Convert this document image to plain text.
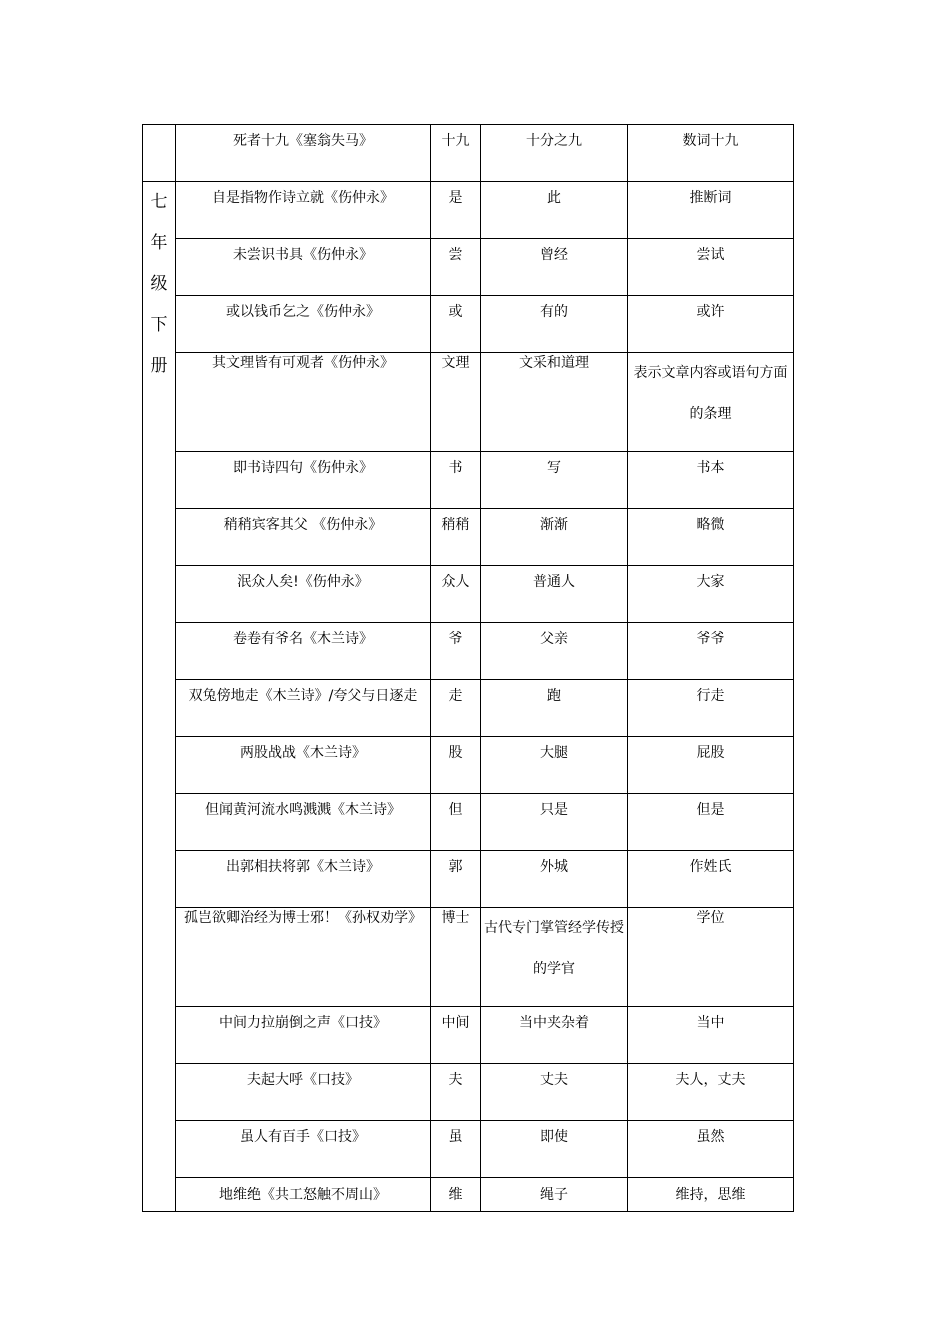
	死者十九《塞翁失马》	十九	十分之九	数词十九
七年级下册	自是指物作诗立就《伤仲永》	是	此	推断词
	未尝识书具《伤仲永》	尝	曾经	尝试
	或以钱币乞之《伤仲永》	或	有的	或许
	其文理皆有可观者《伤仲永》	文理	文采和道理	表示文章内容或语句方面的条理
	即书诗四句《伤仲永》	书	写	书本
	稍稍宾客其父 《伤仲永》	稍稍	渐渐	略微
	泯众人矣!《伤仲永》	众人	普通人	大家
	卷卷有爷名《木兰诗》	爷	父亲	爷爷
	双兔傍地走《木兰诗》/夸父与日逐走	走	跑	行走
	两股战战《木兰诗》	股	大腿	屁股
	但闻黄河流水鸣溅溅《木兰诗》	但	只是	但是
	出郭相扶将郭《木兰诗》	郭	外城	作姓氏
	孤岂欲卿治经为博士邪！《孙权劝学》	博士	古代专门掌管经学传授的学官	学位
	中间力拉崩倒之声《口技》	中间	当中夹杂着	当中
	夫起大呼《口技》	夫	丈夫	夫人，丈夫
	虽人有百手《口技》	虽	即使	虽然
	地维绝《共工怒触不周山》	维	绳子	维持，思维
